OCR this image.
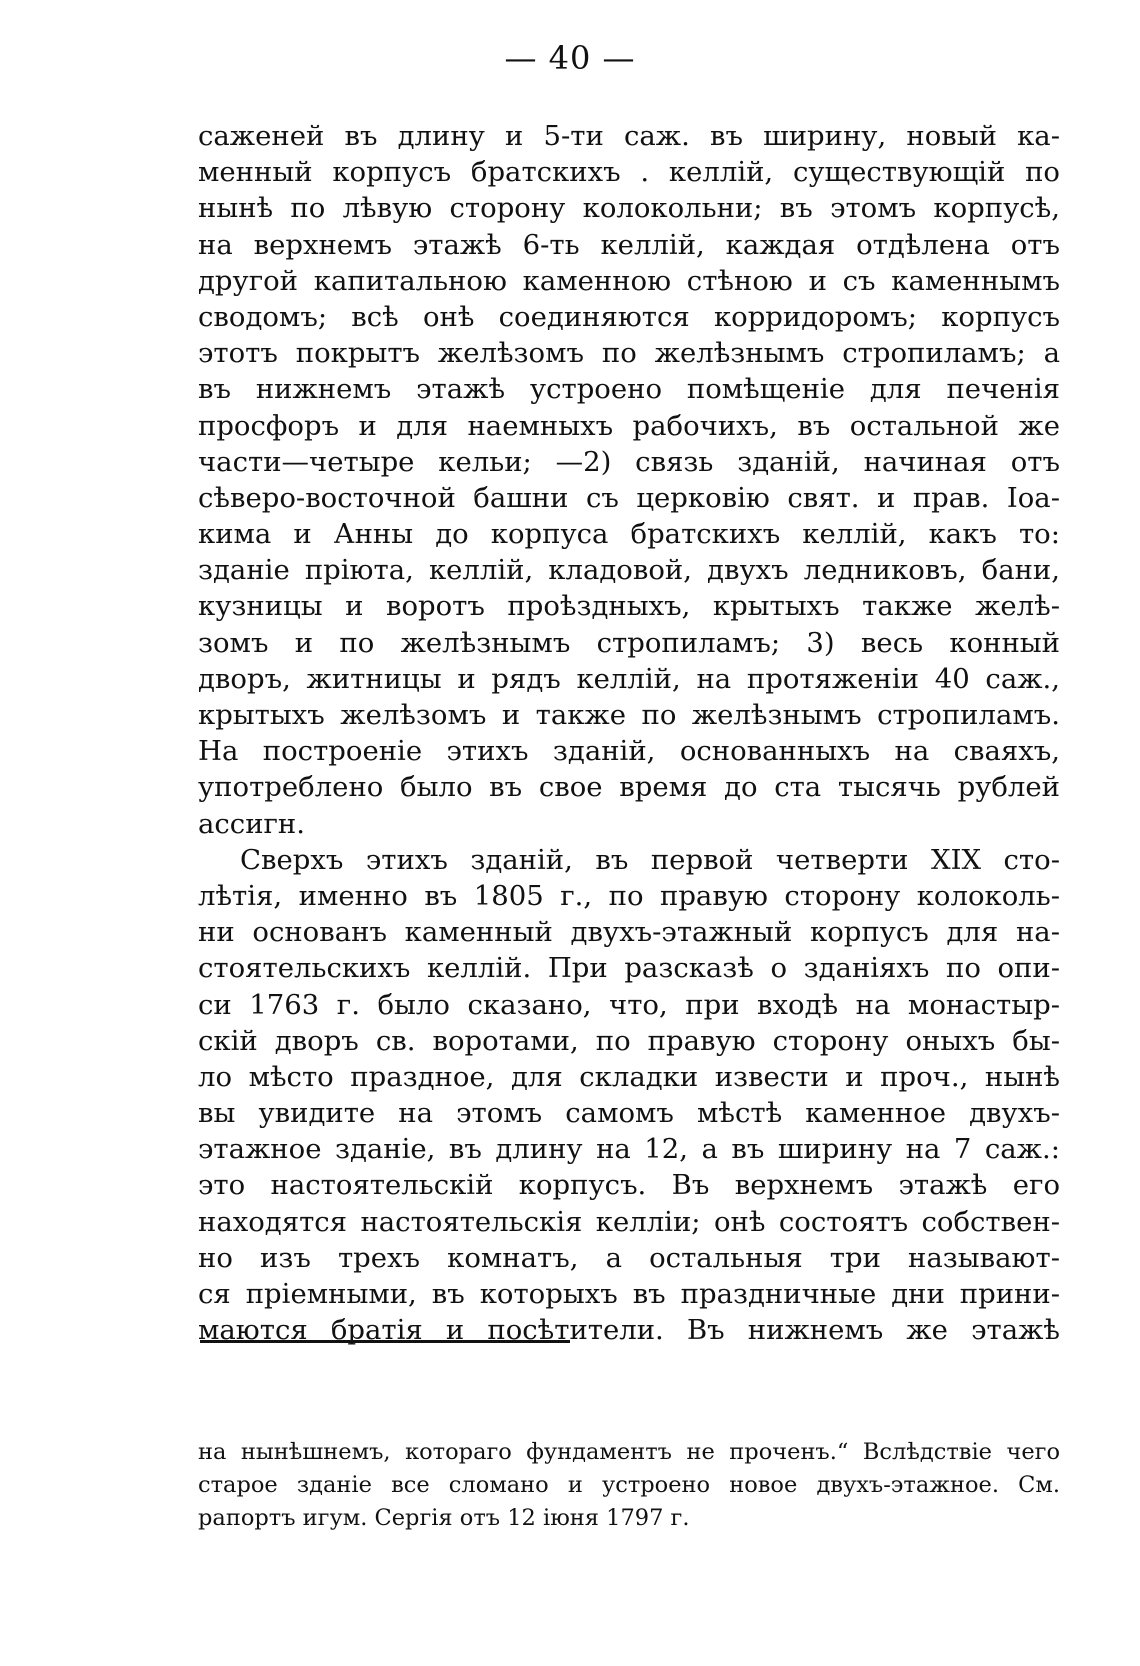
— 40 —
саженей въ длину и 5-ти саж. въ ширину, новый ка-
менный корпусъ братскихъ . келлій, существующій по
нынѣ по лѣвую сторону колокольни; въ этомъ корпусѣ,
на верхнемъ этажѣ 6-ть келлій, каждая отдѣлена отъ
другой капитальною каменною стѣною и съ каменнымъ
сводомъ; всѣ онѣ соединяются корридоромъ; корпусъ
этотъ покрытъ желѣзомъ по желѣзнымъ стропиламъ; а
въ нижнемъ этажѣ устроено помѣщеніе для печенія
просфоръ и для наемныхъ рабочихъ, въ остальной же
части—четыре кельи; —2) связь зданій, начиная отъ
сѣверо-восточной башни съ церковію свят. и прав. Іоа-
кима и Анны до корпуса братскихъ келлій, какъ то:
зданіе пріюта, келлій, кладовой, двухъ ледниковъ, бани,
кузницы и воротъ проѣздныхъ, крытыхъ также желѣ-
зомъ и по желѣзнымъ стропиламъ; 3) весь конный
дворъ, житницы и рядъ келлій, на протяженіи 40 саж.,
крытыхъ желѣзомъ и также по желѣзнымъ стропиламъ.
На построеніе этихъ зданій, основанныхъ на сваяхъ,
употреблено было въ свое время до ста тысячь рублей
ассигн.
Сверхъ этихъ зданій, въ первой четверти XIX сто-
лѣтія, именно въ 1805 г., по правую сторону колоколь-
ни основанъ каменный двухъ-этажный корпусъ для на-
стоятельскихъ келлій. При разсказѣ о зданіяхъ по опи-
си 1763 г. было сказано, что, при входѣ на монастыр-
скій дворъ св. воротами, по правую сторону оныхъ бы-
ло мѣсто праздное, для складки извести и проч., нынѣ
вы увидите на этомъ самомъ мѣстѣ каменное двухъ-
этажное зданіе, въ длину на 12, а въ ширину на 7 саж.:
это настоятельскій корпусъ. Въ верхнемъ этажѣ его
находятся настоятельскія келліи; онѣ состоятъ собствен-
но изъ трехъ комнатъ, а остальныя три называют-
ся пріемными, въ которыхъ въ праздничные дни прини-
маются братія и посѣтители. Въ нижнемъ же этажѣ
на нынѣшнемъ, котораго фундаментъ не проченъ.“ Вслѣдствіе чего
старое зданіе все сломано и устроено новое двухъ-этажное. См.
рапортъ игум. Сергія отъ 12 іюня 1797 г.
